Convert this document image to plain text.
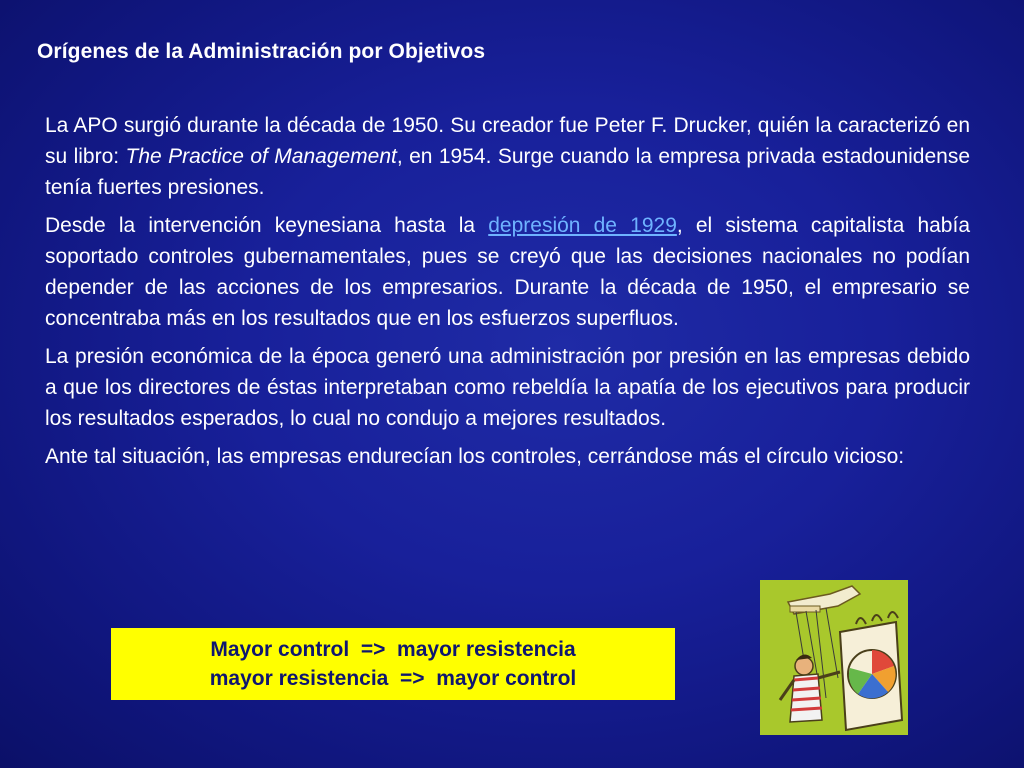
Orígenes de la Administración por Objetivos

La APO surgió durante la década de 1950. Su creador fue Peter F. Drucker, quién la caracterizó en su libro: The Practice of Management, en 1954. Surge cuando la empresa privada estadounidense tenía fuertes presiones.

Desde la intervención keynesiana hasta la depresión de 1929, el sistema capitalista había soportado controles gubernamentales, pues se creyó que las decisiones nacionales no podían depender de las acciones de los empresarios. Durante la década de 1950, el empresario se concentraba más en los resultados que en los esfuerzos superfluos.

La presión económica de la época generó una administración por presión en las empresas debido a que los directores de éstas interpretaban como rebeldía la apatía de los ejecutivos para producir los resultados esperados, lo cual no condujo a mejores resultados.

Ante tal situación, las empresas endurecían los controles, cerrándose más el círculo vicioso:

Mayor control  =>  mayor resistencia
mayor resistencia  =>  mayor control
